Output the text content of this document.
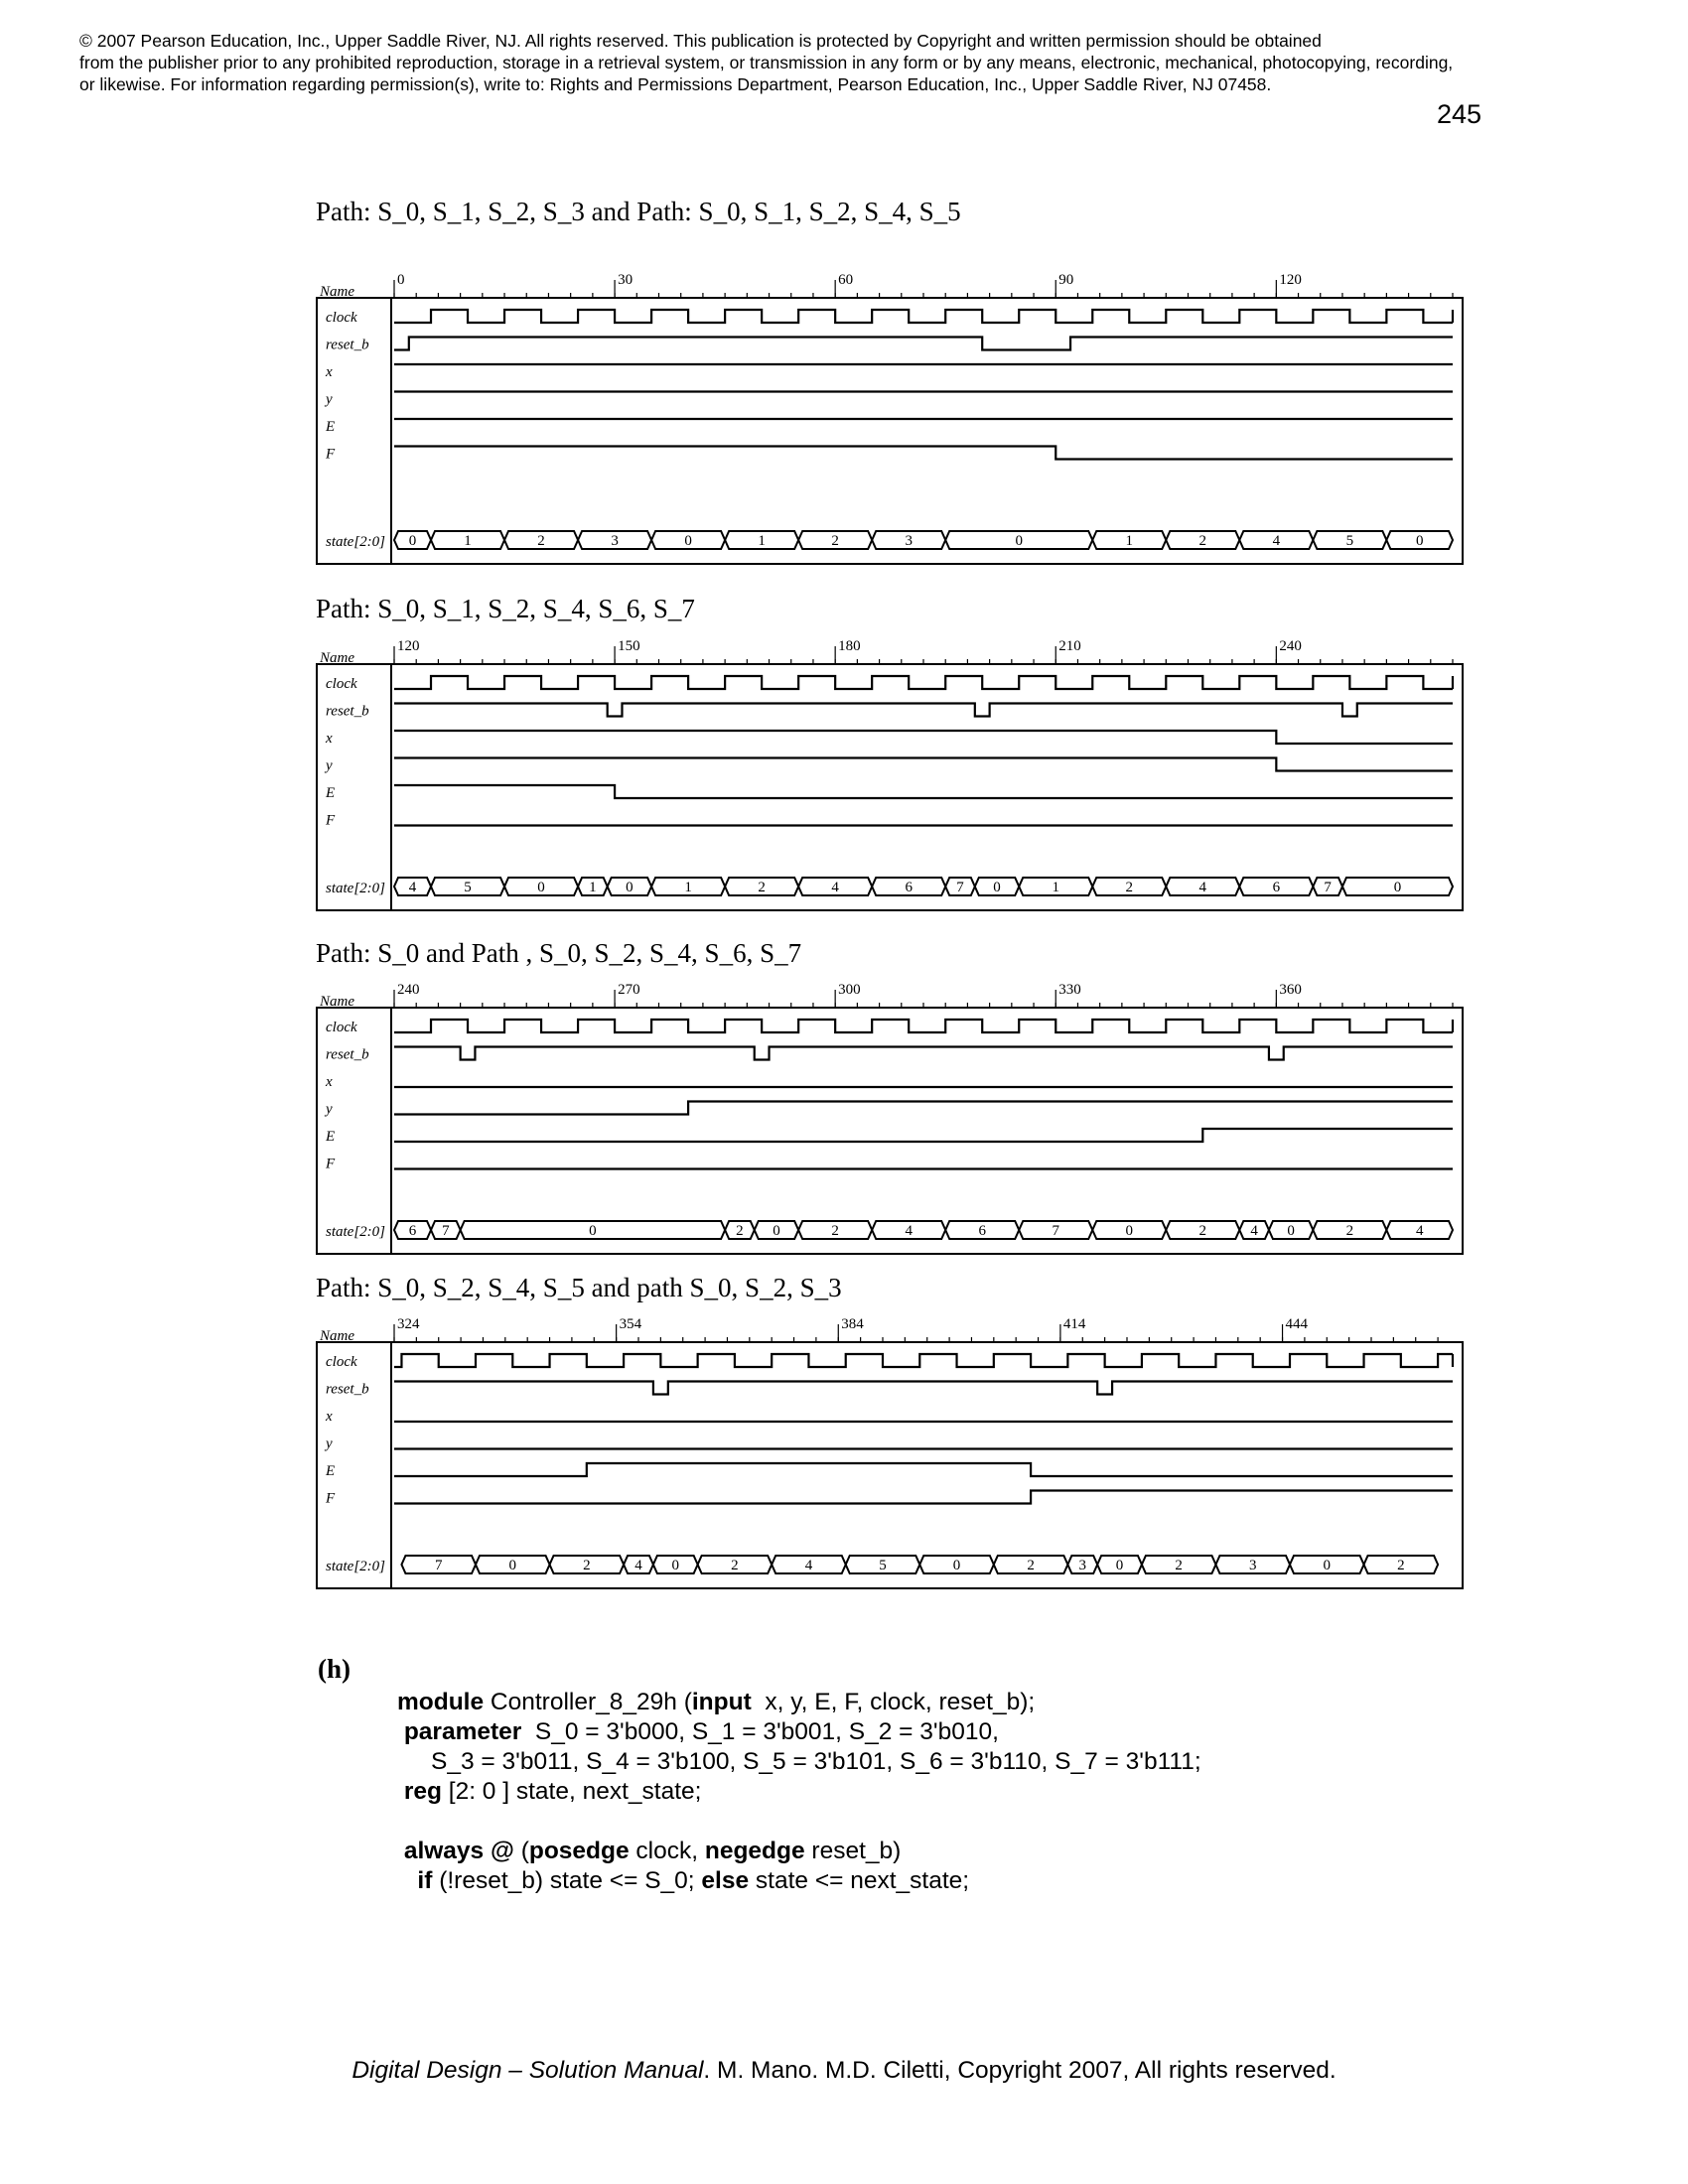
© 2007 Pearson Education, Inc., Upper Saddle River, NJ. All rights reserved. This publication is protected by Copyright and written permission should be obtained
from the publisher prior to any prohibited reproduction, storage in a retrieval system, or transmission in any form or by any means, electronic, mechanical, photocopying, recording,
or likewise. For information regarding permission(s), write to: Rights and Permissions Department, Pearson Education, Inc., Upper Saddle River, NJ 07458.
245
Path: S_0, S_1, S_2, S_3 and Path: S_0, S_1, S_2, S_4, S_5
Name
0	30	60	90	120
clock
reset_b
x
y
E
F
state[2:0] 0	1	2	3	0	1	2	3	0	1	2	4	5	0
Path: S_0, S_1, S_2, S_4, S_6, S_7
Name
120	150	180	210	240
clock
reset_b
x
y
E
F
state[2:0] 4	5	0	1 0	1	2	4	6	7 0	1	2	4	6	7	0
Path: S_0 and Path , S_0, S_2, S_4, S_6, S_7
Name
240	270	300	330	360
clock
reset_b
x
y
E
F
state[2:0] 6 7	0	2 0	2	4	6	7	0	2	4 0	2	4
Path: S_0, S_2, S_4, S_5 and path S_0, S_2, S_3
Name
324	354	384	414	444
clock
reset_b
x
y
E
F
state[2:0]	7	0	2	4 0	2	4	5	0	2	3 0	2	3	0	2
(h)
module Controller_8_29h (input  x, y, E, F, clock, reset_b);
parameter  S_0 = 3'b000, S_1 = 3'b001, S_2 = 3'b010,
S_3 = 3'b011, S_4 = 3'b100, S_5 = 3'b101, S_6 = 3'b110, S_7 = 3'b111;
reg [2: 0 ] state, next_state;

always @ (posedge clock, negedge reset_b)
if (!reset_b) state <= S_0; else state <= next_state;
Digital Design – Solution Manual. M. Mano. M.D. Ciletti, Copyright 2007, All rights reserved.
